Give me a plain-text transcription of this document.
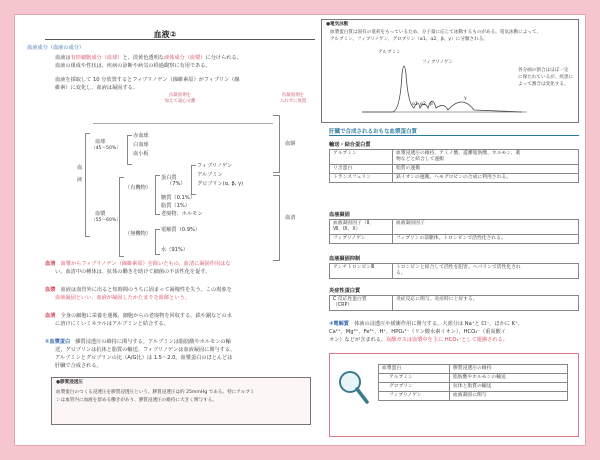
血液②
血液成分（血液の成分）
血液は有形細胞成分（血球）と、淡黄色透明な液体成分（血漿）に分けられる。
血液の組成や性状は、疾病の診断や病気の経過観察に有用である。
血液を採取して 10 分放置するとフィブリノゲン（線維素原）がフィブリン（線
維素）に変化し、血液は凝固する。
抗凝固剤を
加えて遠心分離
抗凝固剤を
入れずに放置
血

液
血球
（45〜50%）
赤血球
白血球
血小板
血漿
（55〜60%）
（有機物）
蛋白質
（7%）
フィブリノゲン
アルブミン
グロブリン(α, β, γ)
糖質（0.1%）
脂質（1%）
老廃物、ホルモン
（無機物）
電解質（0.9%）
水（91%）
血餅
血清
血清　 血漿からフィブリノゲン（線維素原）を除いたもの。血清に凝固作用はな
い。血清中の種体は、抗体の働きを助けて細菌の不活性化を促す。
血漿　 血液は血管外に出ると短時間のうちに固まって凝塊性を失う。この現象を
血液凝固といい、血液が凝固したかたまりを血餅という。
血清　 全身の細胞に栄養を運搬、細胞からの老廃物を回収する。鉄や銅などの水
に溶けにくいミネラルはアルブミンと結合する。
①血漿蛋白　 膠質浸透圧の維持に関与する。アルブミンは脂肪酸やホルモンの輸
送、グロブリンは抗体と脂質の輸送、フィブリノゲンは血液凝固に関与する。
アルブミンとグロブリンの比（A/G比）は 1.5〜2.0。血漿蛋白のほとんどは
肝臓で合成される。
●膠質浸透圧
血漿蛋白のつくる浸透圧を膠質浸透圧という。膠質浸透圧は約 25mmHg である。特にアルブミ
ンは血管内に血液を留める働きがあり、膠質浸透圧の維持に大きく関与する。
●電気泳動
血漿蛋白質は固有の電荷をもっているため、分子量に応じて泳動するものがある。電気泳動によって、
アルブミン、フィブリノゲン、グロブリン（α1、α2、β、γ）に分類される。
アルブミン
フィブリノゲン
α1 α2 β
γ
各分画の割合はほぼ一定
に保たれているが、疾患に
よって割合は変化する。
肝臓で合成されるおもな血漿蛋白質
輸送・結合蛋白質
アルブミン	血漿浸透圧の維持、アミノ酸、遊離脂肪酸、ホルモン、薬
物などと結合して運搬
リポ蛋白	脂質の運搬
トランスフェリン	鉄イオンの運搬。ヘモグロビンの合成に利用される。
血液凝固
血液凝固因子（Ⅱ、
Ⅶ、Ⅸ、Ⅹ）	血液凝固因子
フィブリノゲン	フィブリンの前駆体。トロンビンで活性化される。
血液凝固抑制
アンチトロンビンⅢ	トロンビンと結合して活性を阻害。ヘパリンで活性化され
る。
炎症性蛋白質
C 反応性蛋白質
（CRP）	炎症反応に関与。炎症時に上昇する。
②電解質　 体液の浸透圧や緩衝作用に関与する。大部分は Na⁺と Cl⁻，ほかに K⁺,
Ca²⁺，Mg²⁺，Fe³⁺，H⁺，HPO₄²⁻（リン酸水素イオン），HCO₃⁻（重炭酸イ
オン）などが含まれる。炭酸ガスは血漿中を主に HCO₃⁻として運搬される。
血漿蛋白	膠質浸透圧の維持
アルブミン	脂肪酸やホルモンの輸送
グロブリン	抗体と脂質の輸送
フィブリノゲン	血液凝固に関与
